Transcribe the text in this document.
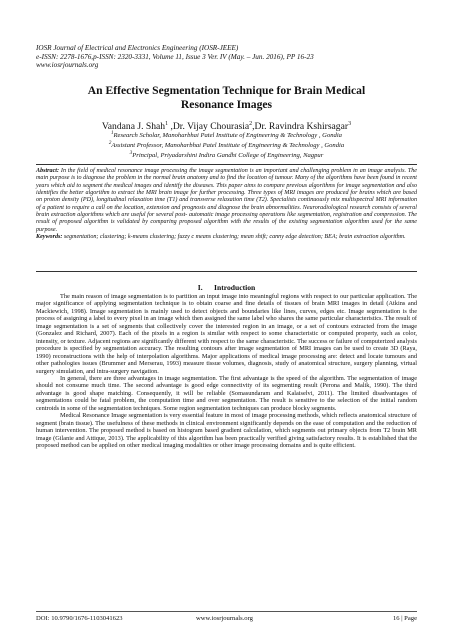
IOSR Journal of Electrical and Electronics Engineering (IOSR-JEEE)
e-ISSN: 2278-1676,p-ISSN: 2320-3331, Volume 11, Issue 3 Ver. IV (May. – Jun. 2016), PP 16-23
www.iosrjournals.org
An Effective Segmentation Technique for Brain Medical
Resonance Images
Vandana J. Shah$^1$ ,Dr. Vijay Chourasia$^2$,Dr. Ravindra Kshirsagar$^3$
$^1$Research Scholar, Manoharbhai Patel Institute of Engineering & Technology , Gondia
$^2$Assistant Professor, Manoharbhai Patel Institute of Engineering & Technology , Gondia
$^3$Principal, Priyadarshini Indira Gandhi College of Engineering, Nagpur
Abstract: In the field of medical resonance image processing the image segmentation is an important and challenging problem in an image analysis. The main purpose is to diagnose the problem in the normal brain anatomy and to find the location of tumour. Many of the algorithms have been found in recent years which aid to segment the medical images and identify the diseases. This paper aims to compare previous algorithms for image segmentation and also identifies the better algorithm to extract the MRI brain image for further processing. Three types of MRI images are produced for brains which are based on proton density (PD), longitudinal relaxation time (T1) and transverse relaxation time (T2). Specialists continuously mix multispectral MRI information of a patient to require a call on the location, extension and prognosis and diagnose the brain abnormalities. Neuroradiological research consists of several brain extraction algorithms which are useful for several post- automatic image processing operations like segmentation, registration and compression. The result of proposed algorithm is validated by comparing proposed algorithm with the results of the existing segmentation algorithm used for the same purpose.
Keywords: segmentation; clustering; k-means clustering; fuzzy c means clustering; mean shift; canny edge detection; BEA; brain extraction algorithm.
I.      Introduction

The main reason of image segmentation is to partition an input image into meaningful regions with respect to our particular application. The major significance of applying segmentation technique is to obtain coarse and fine details of tissues of brain MRI images in detail (Atkins and Mackiewich, 1998). Image segmentation is mainly used to detect objects and boundaries like lines, curves, edges etc. Image segmentation is the process of assigning a label to every pixel in an image which then assigned the same label who shares the same particular characteristics. The result of image segmentation is a set of segments that collectively cover the interested region in an image, or a set of contours extracted from the image (Gonzalez and Richard, 2007). Each of the pixels in a region is similar with respect to some characteristic or computed property, such as color, intensity, or texture. Adjacent regions are significantly different with respect to the same characteristic. The success or failure of computerized analysis procedure is specified by segmentation accuracy. The resulting contours after image segmentation of MRI images can be used to create 3D (Raya, 1990) reconstructions with the help of interpolation algorithms. Major applications of medical image processing are: detect and locate tumours and other pathologies issues (Brummer and Merserau, 1993) measure tissue volumes, diagnosis, study of anatomical structure, surgery planning, virtual surgery simulation, and intra-surgery navigation.

In general, there are three advantages in image segmentation. The first advantage is the speed of the algorithm. The segmentation of image should not consume much time. The second advantage is good edge connectivity of its segmenting result (Perona and Malik, 1990). The third advantage is good shape matching. Consequently, it will be reliable (Somasundaram and Kalaiselvi, 2011). The limited disadvantages of segmentations could be fatal problem, the computation time and over segmentation. The result is sensitive to the selection of the initial random centroids in some of the segmentation techniques. Some region segmentation techniques can produce blocky segments.

Medical Resonance Image segmentation is very essential feature in most of image processing methods, which reflects anatomical structure of segment (brain tissue). The usefulness of these methods in clinical environment significantly depends on the ease of computation and the reduction of human intervention. The proposed method is based on histogram based gradient calculation, which segments out primary objects from T2 brain MR image (Gilanie and Attique, 2013). The applicability of this algorithm has been practically verified giving satisfactory results. It is established that the proposed method can be applied on other medical imaging modalities or other image processing domains and is quite efficient.

DOI: 10.9790/1676-1103041623	www.iosrjournals.org	16 | Page
